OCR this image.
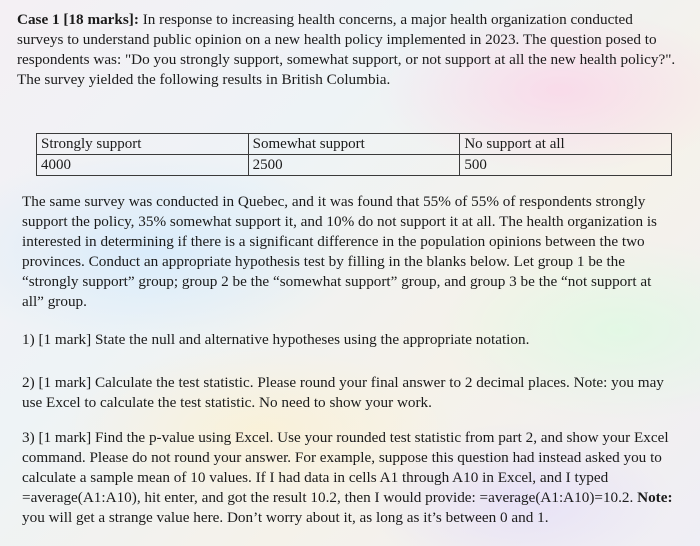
Case 1 [18 marks]: In response to increasing health concerns, a major health organization conducted surveys to understand public opinion on a new health policy implemented in 2023. The question posed to respondents was: "Do you strongly support, somewhat support, or not support at all the new health policy?". The survey yielded the following results in British Columbia.

Strongly support	Somewhat support	No support at all
4000	2500	500

The same survey was conducted in Quebec, and it was found that 55% of 55% of respondents strongly support the policy, 35% somewhat support it, and 10% do not support it at all. The health organization is interested in determining if there is a significant difference in the population opinions between the two provinces. Conduct an appropriate hypothesis test by filling in the blanks below. Let group 1 be the “strongly support” group; group 2 be the “somewhat support” group, and group 3 be the “not support at all” group.

1) [1 mark] State the null and alternative hypotheses using the appropriate notation.

2) [1 mark] Calculate the test statistic. Please round your final answer to 2 decimal places. Note: you may use Excel to calculate the test statistic. No need to show your work.

3) [1 mark] Find the p-value using Excel. Use your rounded test statistic from part 2, and show your Excel command. Please do not round your answer. For example, suppose this question had instead asked you to calculate a sample mean of 10 values. If I had data in cells A1 through A10 in Excel, and I typed =average(A1:A10), hit enter, and got the result 10.2, then I would provide: =average(A1:A10)=10.2. Note: you will get a strange value here. Don’t worry about it, as long as it’s between 0 and 1.
